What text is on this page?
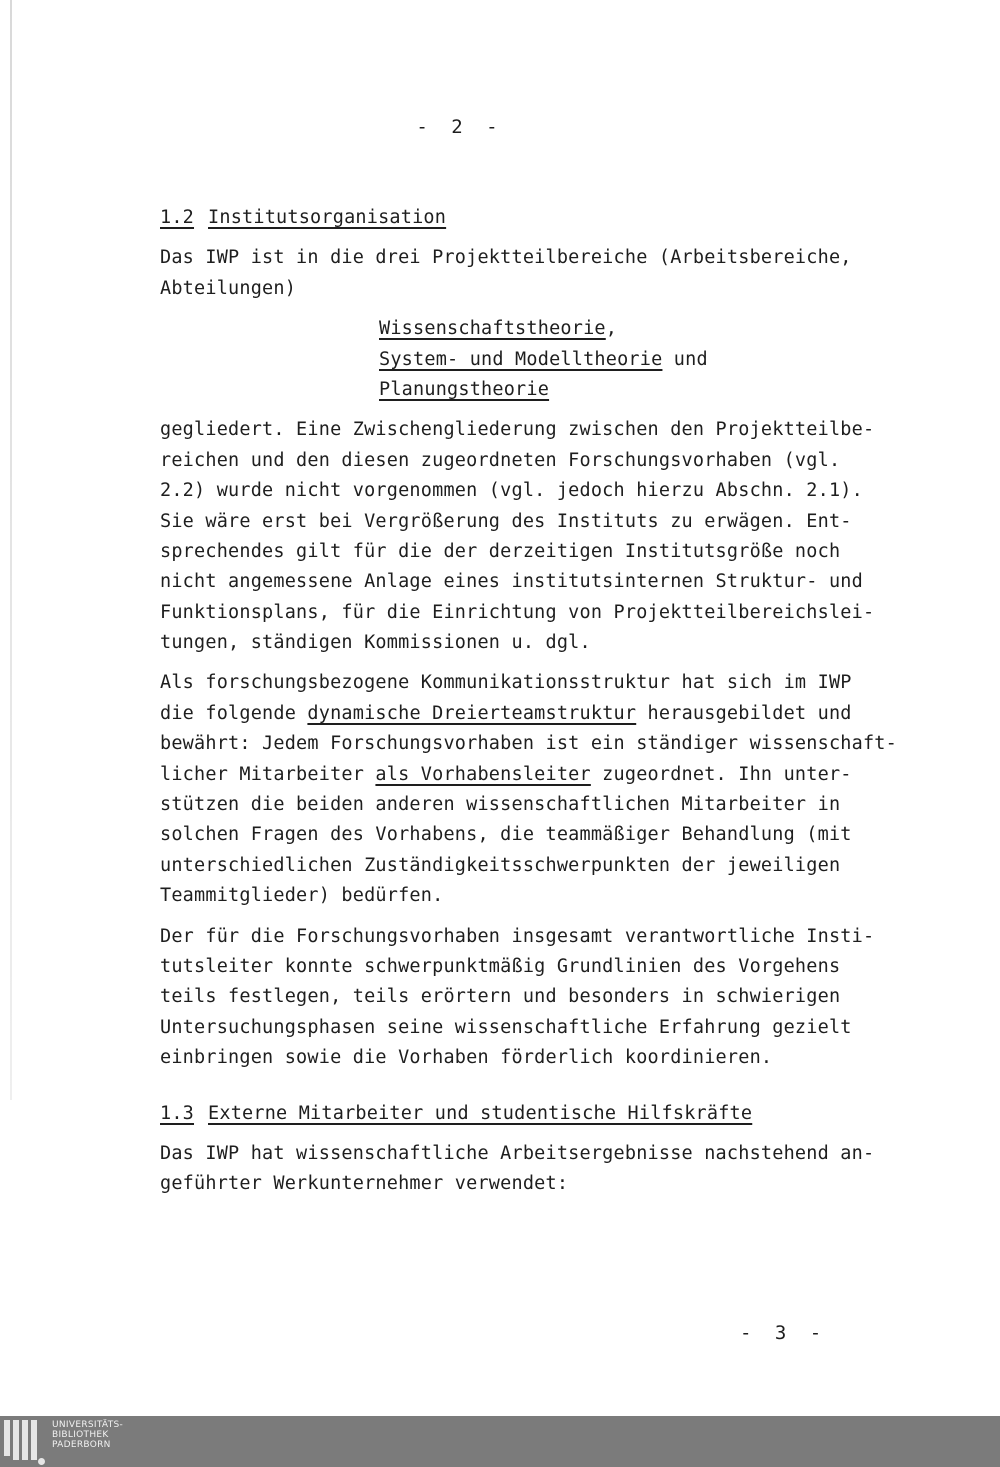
- 2 -
1.2 Institutsorganisation
Das IWP ist in die drei Projektteilbereiche (Arbeitsbereiche,
Abteilungen)
Wissenschaftstheorie,
System- und Modelltheorie und
Planungstheorie
gegliedert. Eine Zwischengliederung zwischen den Projektteilbe-
reichen und den diesen zugeordneten Forschungsvorhaben (vgl.
2.2) wurde nicht vorgenommen (vgl. jedoch hierzu Abschn. 2.1).
Sie wäre erst bei Vergrößerung des Instituts zu erwägen. Ent-
sprechendes gilt für die der derzeitigen Institutsgröße noch
nicht angemessene Anlage eines institutsinternen Struktur- und
Funktionsplans, für die Einrichtung von Projektteilbereichslei-
tungen, ständigen Kommissionen u. dgl.
Als forschungsbezogene Kommunikationsstruktur hat sich im IWP
die folgende dynamische Dreierteamstruktur herausgebildet und
bewährt: Jedem Forschungsvorhaben ist ein ständiger wissenschaft-
licher Mitarbeiter als Vorhabensleiter zugeordnet. Ihn unter-
stützen die beiden anderen wissenschaftlichen Mitarbeiter in
solchen Fragen des Vorhabens, die teammäßiger Behandlung (mit
unterschiedlichen Zuständigkeitsschwerpunkten der jeweiligen
Teammitglieder) bedürfen.
Der für die Forschungsvorhaben insgesamt verantwortliche Insti-
tutsleiter konnte schwerpunktmäßig Grundlinien des Vorgehens
teils festlegen, teils erörtern und besonders in schwierigen
Untersuchungsphasen seine wissenschaftliche Erfahrung gezielt
einbringen sowie die Vorhaben förderlich koordinieren.
1.3 Externe Mitarbeiter und studentische Hilfskräfte
Das IWP hat wissenschaftliche Arbeitsergebnisse nachstehend an-
geführter Werkunternehmer verwendet:
- 3 -
UNIVERSITÄTS-
BIBLIOTHEK
PADERBORN
